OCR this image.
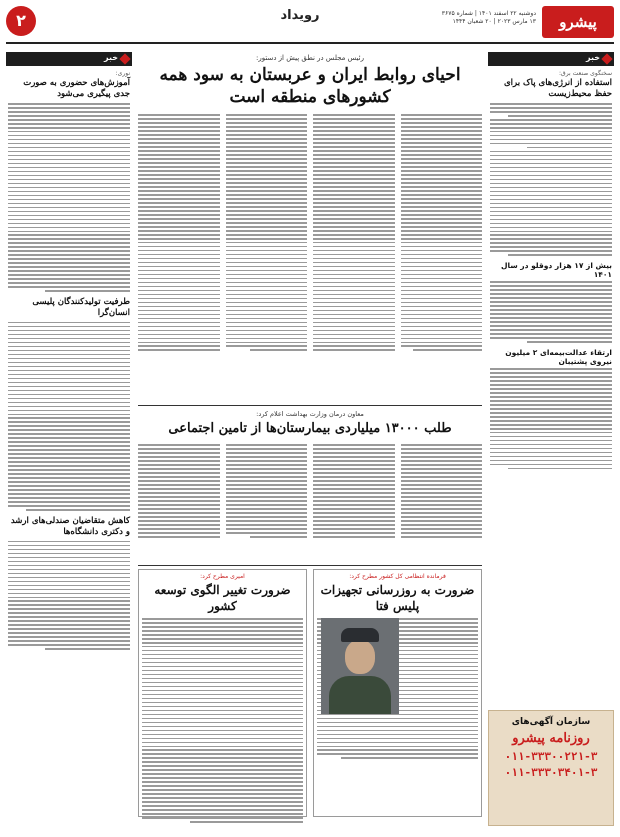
پیشرو
دوشنبه ۲۲ اسفند ۱۴۰۱ | شماره ۳۶۷۵
۱۳ مارس ۲۰۲۳ | ۲۰ شعبان ۱۴۴۴
رویداد
۲
خبر
سخنگوی صنعت برق:
استفاده از انرژی‌های پاک برای حفظ محیط‌زیست
بیش از ۱۷ هزار دوقلو در سال ۱۴۰۱
ارتقاء عدالت‌بیمه‌ای ۲ میلیون نیروی پشتیبان
سازمان آگهی‌های
روزنامه پیشرو
۰۱۱-۳۳۳۰۰۲۲۱-۳
۰۱۱-۳۳۳۰۳۴۰۱-۳
خبر
نوری:
آموزش‌های حضوری به صورت جدی پیگیری می‌شود
طرفیت تولیدکنندگان پلیسی انسان‌گرا
کاهش متقاضیان صندلی‌های ارشد و دکتری دانشگاه‌ها
رئیس مجلس در نطق پیش از دستور:
احیای روابط ایران و عربستان به سود همه کشورهای منطقه است
معاون درمان وزارت بهداشت اعلام کرد:
طلب ۱۳۰۰۰ میلیاردی بیمارستان‌ها از تامین اجتماعی
فرمانده انتظامی کل کشور مطرح کرد:
ضرورت به روزرسانی تجهیزات پلیس فتا
امیری مطرح کرد:
ضرورت تغییر الگوی توسعه کشور
